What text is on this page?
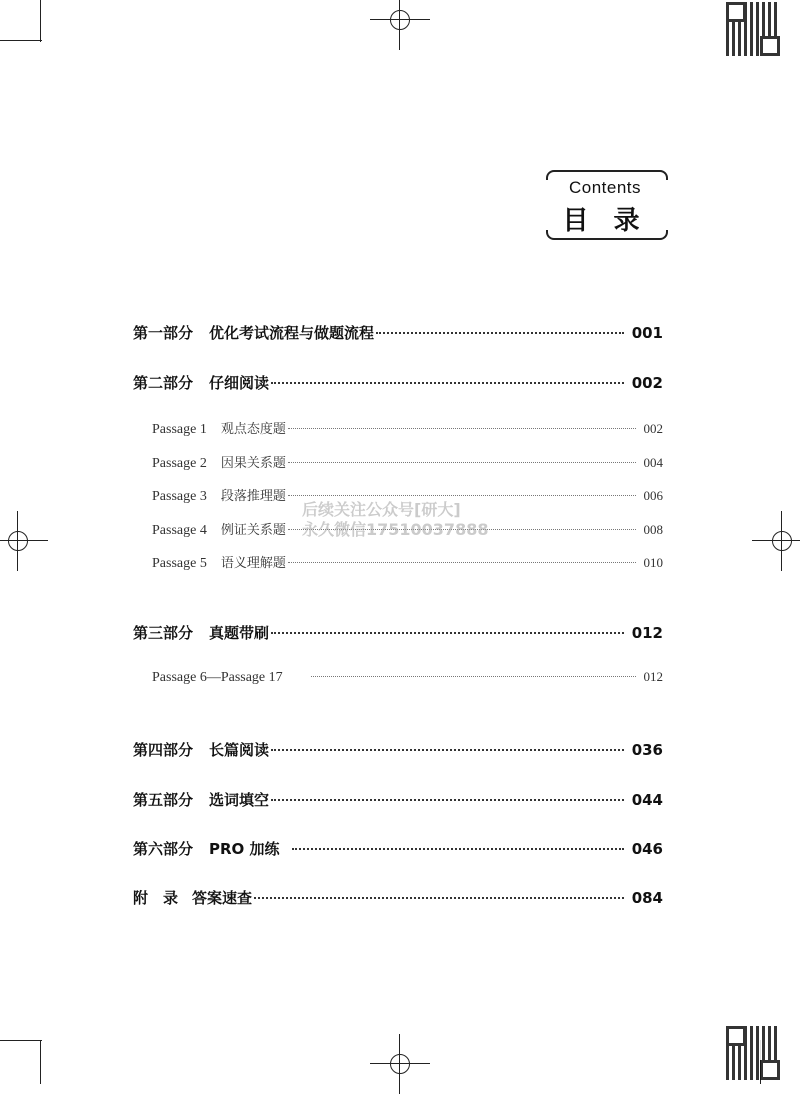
Contents
目 录
第一部分 优化考试流程与做题流程	001
第二部分 仔细阅读	002
Passage 1 观点态度题	002
Passage 2 因果关系题	004
Passage 3 段落推理题	006
Passage 4 例证关系题	008
Passage 5 语义理解题	010
第三部分 真题带刷	012
Passage 6—Passage 17	012
第四部分 长篇阅读	036
第五部分 选词填空	044
第六部分 PRO 加练	046
附　录 答案速查	084
后续关注公众号[研大]
永久微信17510037888
